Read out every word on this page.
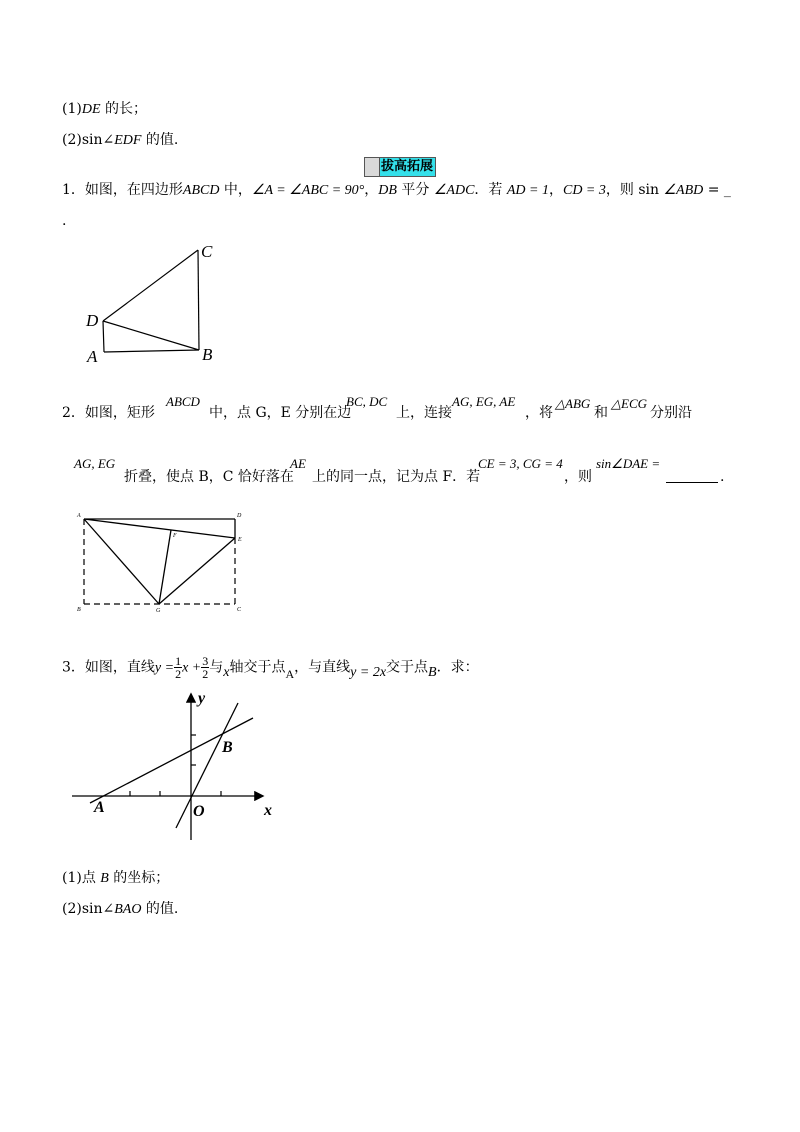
(1)DE 的长；
(2)sin∠EDF 的值.
拔高拓展
1．如图，在四边形ABCD 中，∠A = ∠ABC = 90°，DB 平分 ∠ADC．若 AD = 1，CD = 3，则 sin ∠ABD = _
.
C
D
A	B
2．如图，矩形
ABCD
中，点 G，E 分别在边
BC, DC
上，连接
AG, EG, AE
，将
△ABG
和
△ECG
分别沿
AG, EG
折叠，使点 B，C 恰好落在
AE
上的同一点，记为点 F．若
CE = 3, CG = 4
，则
sin∠DAE =
.
A	D
F
E
B	G	C
3．如图，直线$y = \frac{1}{2}$ $x + \frac{3}{2}$ 与x轴交于点A，与直线y = 2x交于点B．求：
y
x
O
A
B
(1)点 B 的坐标；
(2)sin∠BAO 的值.
